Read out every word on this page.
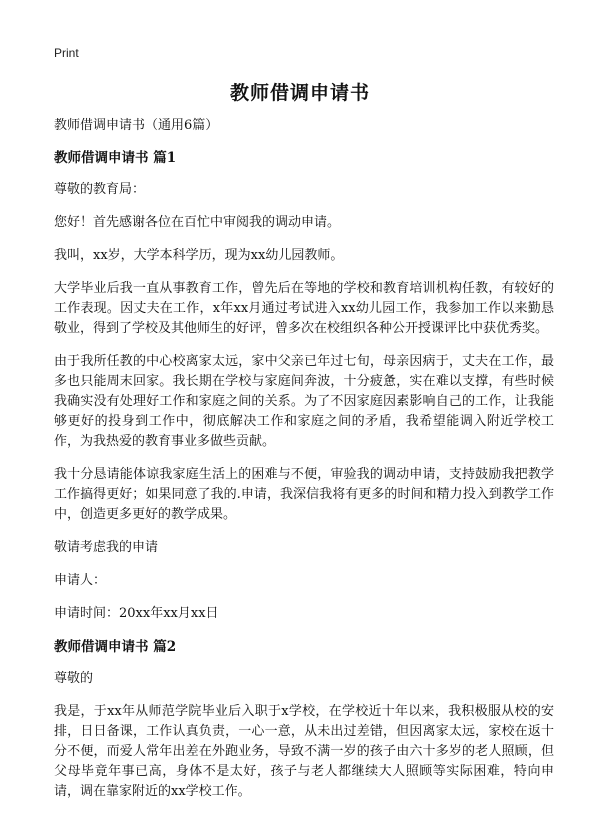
Print
教师借调申请书

教师借调申请书（通用6篇）

教师借调申请书 篇1

尊敬的教育局：

您好！首先感谢各位在百忙中审阅我的调动申请。

我叫，xx岁，大学本科学历，现为xx幼儿园教师。

大学毕业后我一直从事教育工作，曾先后在等地的学校和教育培训机构任教，有较好的工作表现。因丈夫在工作，x年xx月通过考试进入xx幼儿园工作，我参加工作以来勤恳敬业，得到了学校及其他师生的好评，曾多次在校组织各种公开授课评比中获优秀奖。

由于我所任教的中心校离家太远，家中父亲已年过七旬，母亲因病于，丈夫在工作，最多也只能周末回家。我长期在学校与家庭间奔波，十分疲惫，实在难以支撑，有些时候我确实没有处理好工作和家庭之间的关系。为了不因家庭因素影响自己的工作，让我能够更好的投身到工作中，彻底解决工作和家庭之间的矛盾，我希望能调入附近学校工作，为我热爱的教育事业多做些贡献。

我十分恳请能体谅我家庭生活上的困难与不便，审验我的调动申请，支持鼓励我把教学工作搞得更好；如果同意了我的.申请，我深信我将有更多的时间和精力投入到教学工作中，创造更多更好的教学成果。

敬请考虑我的申请

申请人：

申请时间：20xx年xx月xx日

教师借调申请书 篇2

尊敬的

我是，于xx年从师范学院毕业后入职于x学校，在学校近十年以来，我积极服从校的安排，日日备课，工作认真负责，一心一意，从未出过差错，但因离家太远，家校在返十分不便，而爱人常年出差在外跑业务，导致不满一岁的孩子由六十多岁的老人照顾，但父母毕竟年事已高，身体不是太好，孩子与老人都继续大人照顾等实际困难，特向申请，调在靠家附近的xx学校工作。
